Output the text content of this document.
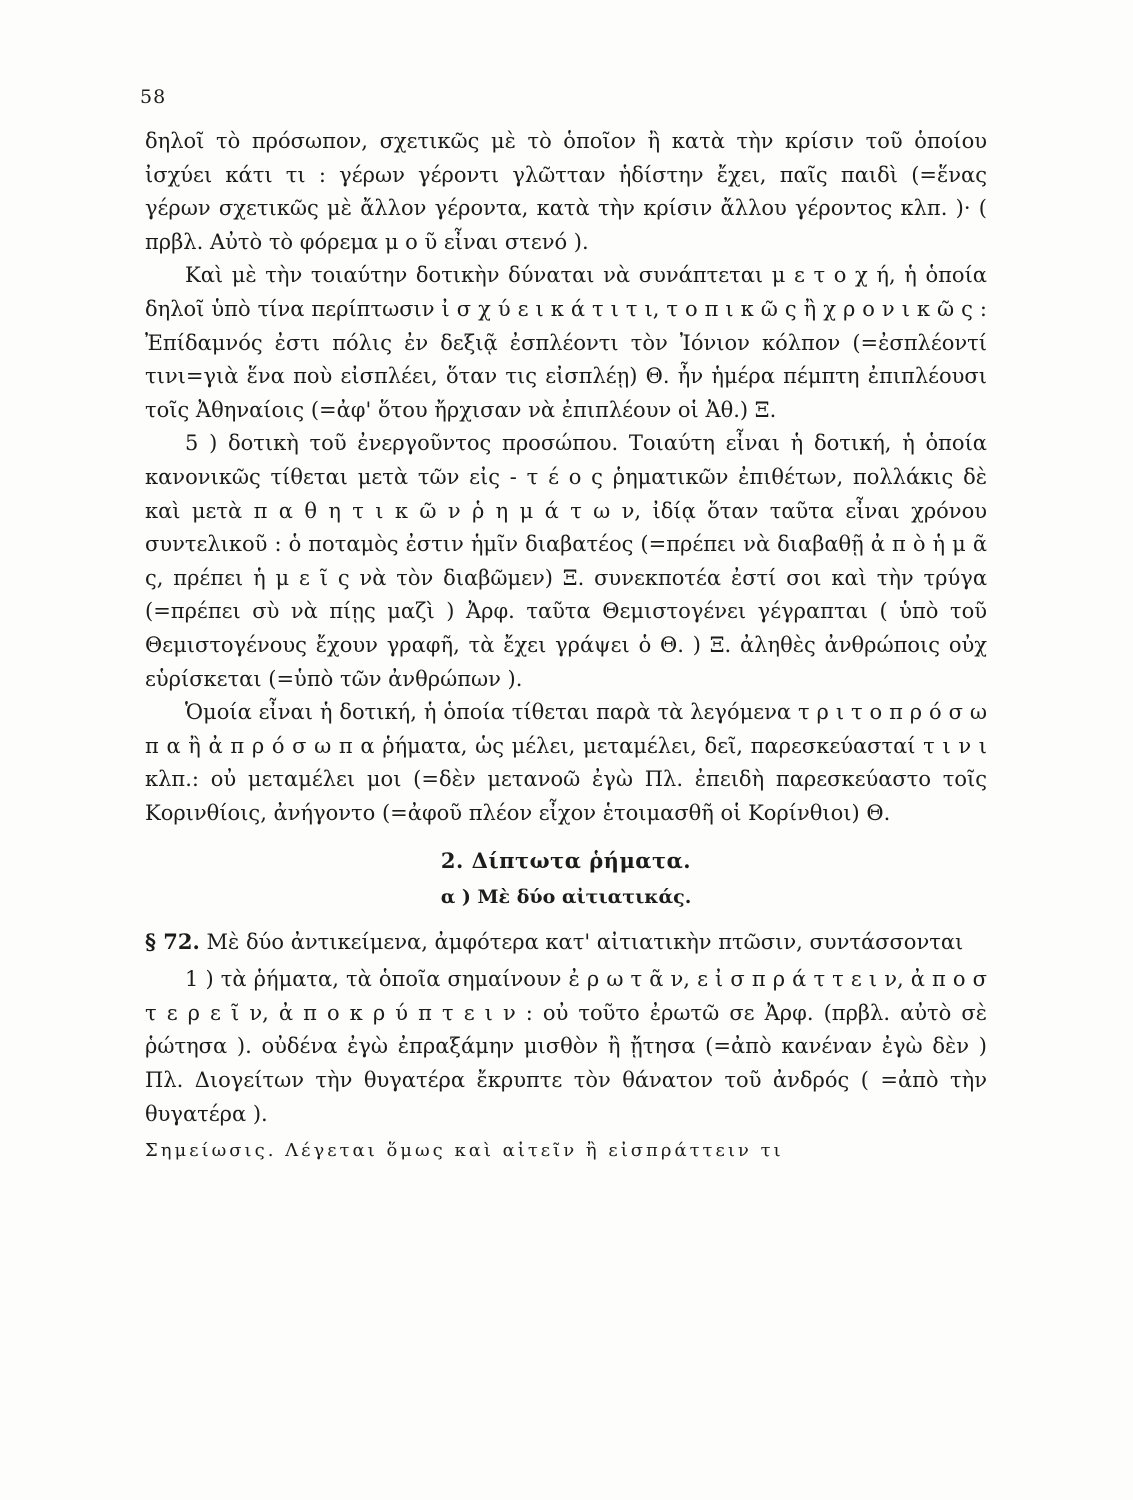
58

δηλοῖ τὸ πρόσωπον, σχετικῶς μὲ τὸ ὁποῖον ἢ κατὰ τὴν κρίσιν τοῦ ὁποίου ἰσχύει κάτι τι : γέρων γέροντι γλῶτταν ἡδίστην ἔχει, παῖς παιδὶ (=ἕνας γέρων σχετικῶς μὲ ἄλλον γέροντα, κατὰ τὴν κρίσιν ἄλλου γέροντος κλπ. )· ( πρβλ. Αὐτὸ τὸ φόρεμα μ ο ῦ εἶναι στενό ).

Καὶ μὲ τὴν τοιαύτην δοτικὴν δύναται νὰ συνάπτεται μ ε τ ο χ ή, ἡ ὁποία δηλοῖ ὑπὸ τίνα περίπτωσιν ἰ σ χ ύ ε ι κ ά τ ι τ ι, τ ο π ι κ ῶ ς ἢ χ ρ ο ν ι κ ῶ ς : Ἐπίδαμνός ἐστι πόλις ἐν δεξιᾷ ἐσπλέοντι τὸν Ἰόνιον κόλπον (=ἐσπλέοντί τινι=γιὰ ἕνα ποὺ εἰσπλέει, ὅταν τις εἰσπλέῃ) Θ. ἦν ἡμέρα πέμπτη ἐπιπλέουσι τοῖς Ἀθηναίοις (=ἀφ' ὅτου ἤρχισαν νὰ ἐπιπλέουν οἱ Ἀθ.) Ξ.

5 ) δοτικὴ τοῦ ἐνεργοῦντος προσώπου. Τοιαύτη εἶναι ἡ δοτική, ἡ ὁποία κανονικῶς τίθεται μετὰ τῶν εἰς - τ έ ο ς ῥηματικῶν ἐπιθέτων, πολλάκις δὲ καὶ μετὰ π α θ η τ ι κ ῶ ν ῥ η μ ά τ ω ν, ἰδίᾳ ὅταν ταῦτα εἶναι χρόνου συντελικοῦ : ὁ ποταμὸς ἐστιν ἡμῖν διαβατέος (=πρέπει νὰ διαβαθῇ ἀ π ὸ ἡ μ ᾶ ς, πρέπει ἡ μ ε ῖ ς νὰ τὸν διαβῶμεν) Ξ. συνεκποτέα ἐστί σοι καὶ τὴν τρύγα (=πρέπει σὺ νὰ πίῃς μαζὶ ) Ἀρφ. ταῦτα Θεμιστογένει γέγραπται ( ὑπὸ τοῦ Θεμιστογένους ἔχουν γραφῆ, τὰ ἔχει γράψει ὁ Θ. ) Ξ. ἀληθὲς ἀνθρώποις οὐχ εὑρίσκεται (=ὑπὸ τῶν ἀνθρώπων ).

Ὁμοία εἶναι ἡ δοτική, ἡ ὁποία τίθεται παρὰ τὰ λεγόμενα τ ρ ι τ ο π ρ ό σ ω π α ἢ ἀ π ρ ό σ ω π α ῥήματα, ὡς μέλει, μεταμέλει, δεῖ, παρεσκεύασταί τ ι ν ι κλπ.: οὐ μεταμέλει μοι (=δὲν μετανοῶ ἐγὼ Πλ. ἐπειδὴ παρεσκεύαστο τοῖς Κορινθίοις, ἀνήγοντο (=ἀφοῦ πλέον εἶχον ἑτοιμασθῆ οἱ Κορίνθιοι) Θ.

2. Δίπτωτα ῥήματα.
α ) Μὲ δύο αἰτιατικάς.

§ 72. Μὲ δύο ἀντικείμενα, ἀμφότερα κατ' αἰτιατικὴν πτῶσιν, συντάσσονται

1 ) τὰ ῥήματα, τὰ ὁποῖα σημαίνουν ἐ ρ ω τ ᾶ ν, ε ἰ σ π ρ ά τ τ ε ι ν, ἀ π ο σ τ ε ρ ε ῖ ν, ἀ π ο κ ρ ύ π τ ε ι ν : οὐ τοῦτο ἐρωτῶ σε Ἀρφ. (πρβλ. αὐτὸ σὲ ῥώτησα ). οὐδένα ἐγὼ ἐπραξάμην μισθὸν ἢ ᾔτησα (=ἀπὸ κανέναν ἐγὼ δὲν ) Πλ. Διογείτων τὴν θυγατέρα ἔκρυπτε τὸν θάνατον τοῦ ἀνδρός ( =ἀπὸ τὴν θυγατέρα ).

Σημείωσις. Λέγεται ὅμως καὶ αἰτεῖν ἢ εἰσπράττειν τι
